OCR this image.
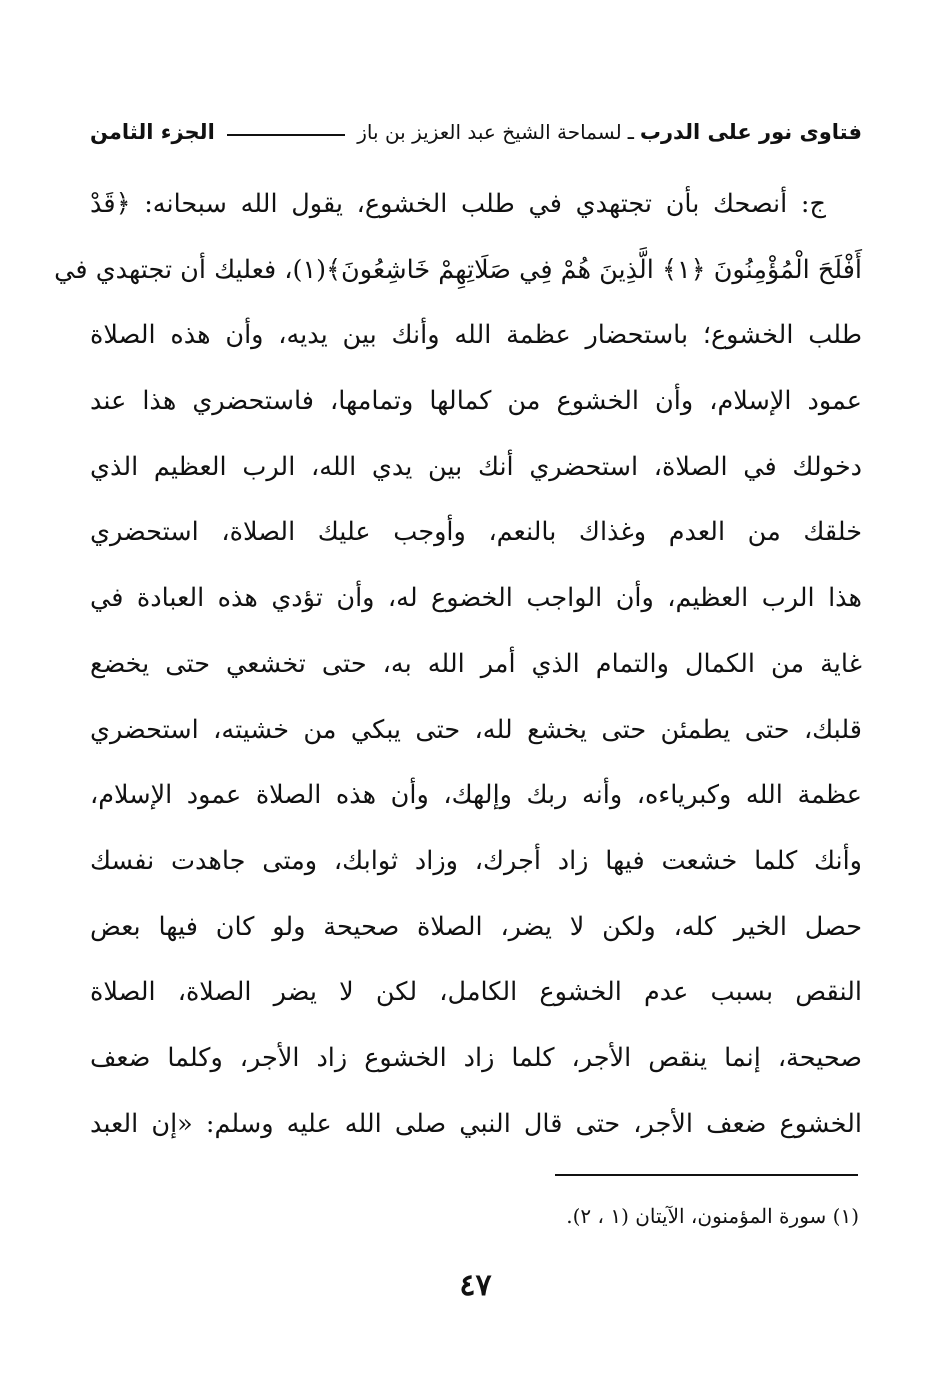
فتاوى نور على الدرب
ـ
لسماحة الشيخ عبد العزيز بن باز
الجزء الثامن
ج: أنصحك بأن تجتهدي في طلب الخشوع، يقول الله سبحانه: ﴿قَدْ
أَفْلَحَ الْمُؤْمِنُونَ ﴿١﴾ الَّذِينَ هُمْ فِي صَلَاتِهِمْ خَاشِعُونَ﴾(١)، فعليك أن تجتهدي في
طلب الخشوع؛ باستحضار عظمة الله وأنك بين يديه، وأن هذه الصلاة
عمود الإسلام، وأن الخشوع من كمالها وتمامها، فاستحضري هذا عند
دخولك في الصلاة، استحضري أنك بين يدي الله، الرب العظيم الذي
خلقك من العدم وغذاك بالنعم، وأوجب عليك الصلاة، استحضري
هذا الرب العظيم، وأن الواجب الخضوع له، وأن تؤدي هذه العبادة في
غاية من الكمال والتمام الذي أمر الله به، حتى تخشعي حتى يخضع
قلبك، حتى يطمئن حتى يخشع لله، حتى يبكي من خشيته، استحضري
عظمة الله وكبرياءه، وأنه ربك وإلهك، وأن هذه الصلاة عمود الإسلام،
وأنك كلما خشعت فيها زاد أجرك، وزاد ثوابك، ومتى جاهدت نفسك
حصل الخير كله، ولكن لا يضر، الصلاة صحيحة ولو كان فيها بعض
النقص بسبب عدم الخشوع الكامل، لكن لا يضر الصلاة، الصلاة
صحيحة، إنما ينقص الأجر، كلما زاد الخشوع زاد الأجر، وكلما ضعف
الخشوع ضعف الأجر، حتى قال النبي صلى الله عليه وسلم: «إن العبد
(١) سورة المؤمنون، الآيتان (١ ، ٢).
٤٧
